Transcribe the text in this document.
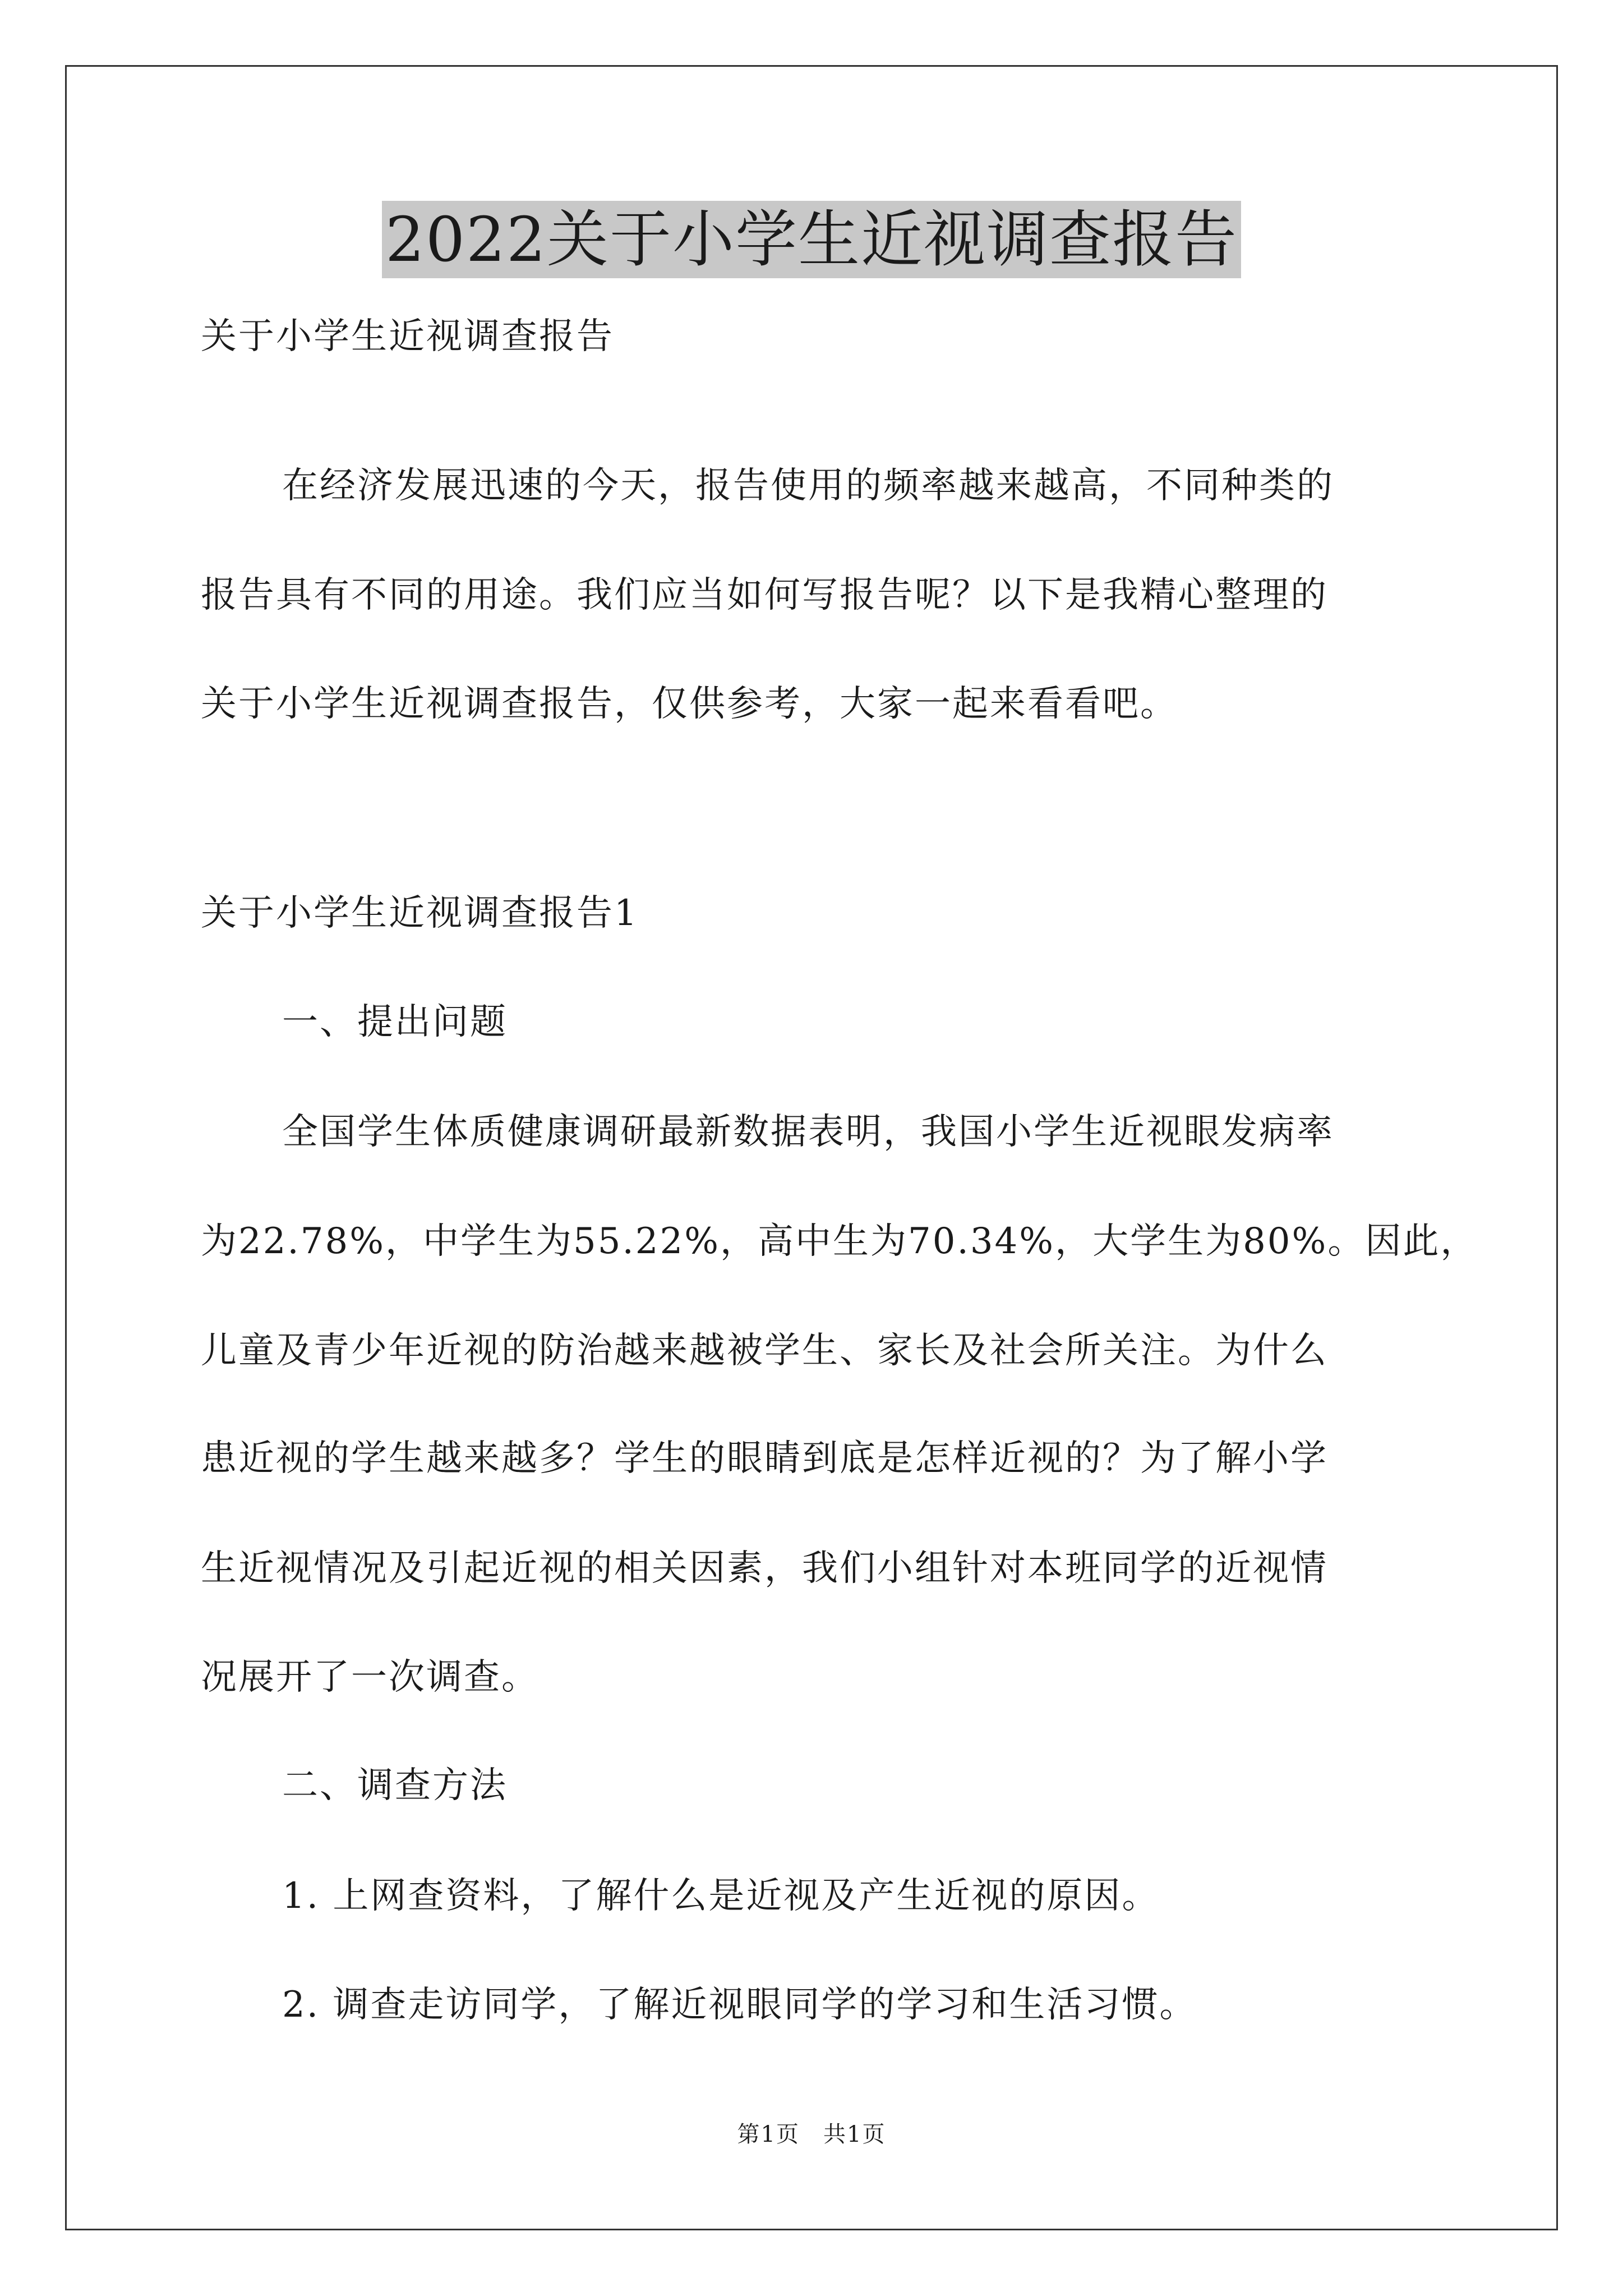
2022关于小学生近视调查报告
关于小学生近视调查报告
在经济发展迅速的今天，报告使用的频率越来越高，不同种类的
报告具有不同的用途。我们应当如何写报告呢？以下是我精心整理的
关于小学生近视调查报告，仅供参考，大家一起来看看吧。
关于小学生近视调查报告1
一、提出问题
全国学生体质健康调研最新数据表明，我国小学生近视眼发病率
为22.78%，中学生为55.22%，高中生为70.34%，大学生为80%。因此，
儿童及青少年近视的防治越来越被学生、家长及社会所关注。为什么
患近视的学生越来越多？学生的眼睛到底是怎样近视的？为了解小学
生近视情况及引起近视的相关因素，我们小组针对本班同学的近视情
况展开了一次调查。
二、调查方法
1. 上网查资料，了解什么是近视及产生近视的原因。
2. 调查走访同学，了解近视眼同学的学习和生活习惯。
第1页　共1页
